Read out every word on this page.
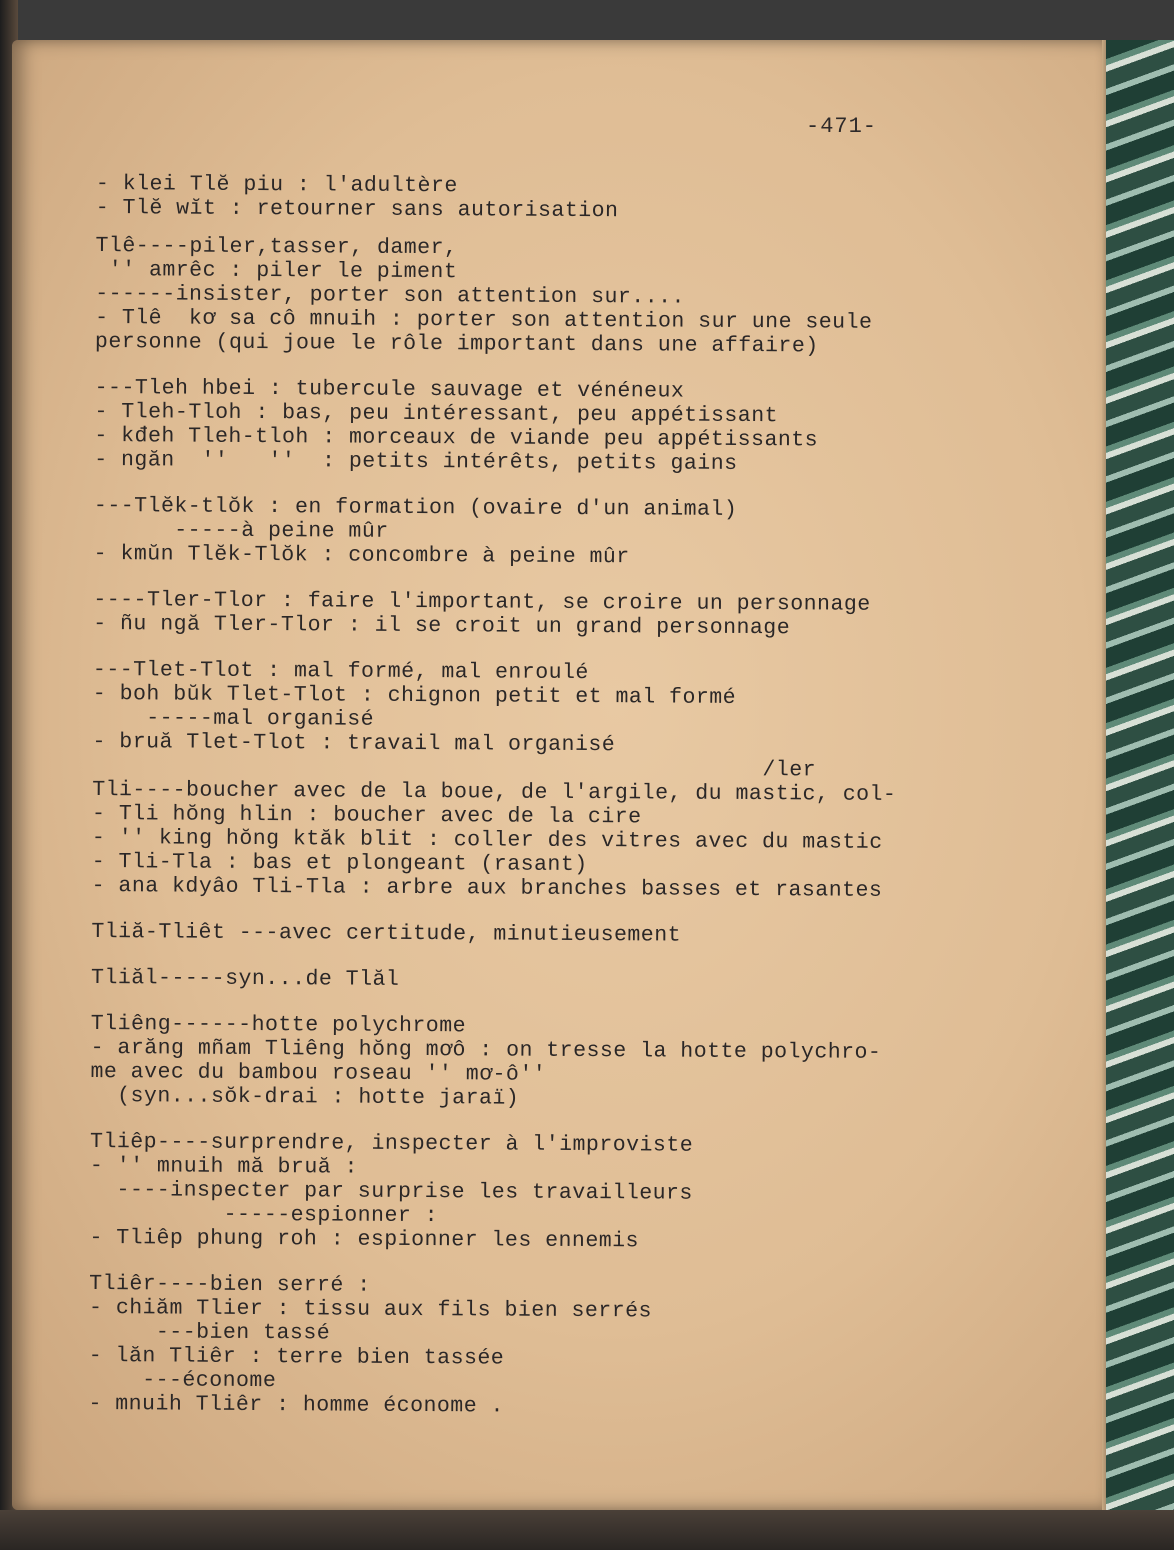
-471-
- klei Tlĕ piu : l'adultère
- Tlĕ wĭt : retourner sans autorisation
Tlê----piler,tasser, damer,
'' amrêc : piler le piment
------insister, porter son attention sur....
- Tlê  kơ sa cô mnuih : porter son attention sur une seule
personne (qui joue le rôle important dans une affaire)
---Tleh hbei : tubercule sauvage et vénéneux
- Tleh-Tloh : bas, peu intéressant, peu appétissant
- kđeh Tleh-tloh : morceaux de viande peu appétissants
- ngăn  ''   ''  : petits intérêts, petits gains
---Tlĕk-tlŏk : en formation (ovaire d'un animal)
-----à peine mûr
- kmŭn Tlĕk-Tlŏk : concombre à peine mûr
----Tler-Tlor : faire l'important, se croire un personnage
- ñu ngă Tler-Tlor : il se croit un grand personnage
---Tlet-Tlot : mal formé, mal enroulé
- boh bŭk Tlet-Tlot : chignon petit et mal formé
-----mal organisé
- bruă Tlet-Tlot : travail mal organisé
/ler
Tli----boucher avec de la boue, de l'argile, du mastic, col-
- Tli hŏng hlin : boucher avec de la cire
- '' king hŏng ktăk blit : coller des vitres avec du mastic
- Tli-Tla : bas et plongeant (rasant)
- ana kdyâo Tli-Tla : arbre aux branches basses et rasantes
Tliă-Tliêt ---avec certitude, minutieusement
Tliăl-----syn...de Tlăl
Tliêng------hotte polychrome
- arăng mñam Tliêng hŏng mơô : on tresse la hotte polychro-
me avec du bambou roseau '' mơ-ô''
(syn...sŏk-drai : hotte jaraï)
Tliêp----surprendre, inspecter à l'improviste
- '' mnuih mă bruă :
----inspecter par surprise les travailleurs
-----espionner :
- Tliêp phung roh : espionner les ennemis
Tliêr----bien serré :
- chiăm Tlier : tissu aux fils bien serrés
---bien tassé
- lăn Tliêr : terre bien tassée
---économe
- mnuih Tliêr : homme économe .
